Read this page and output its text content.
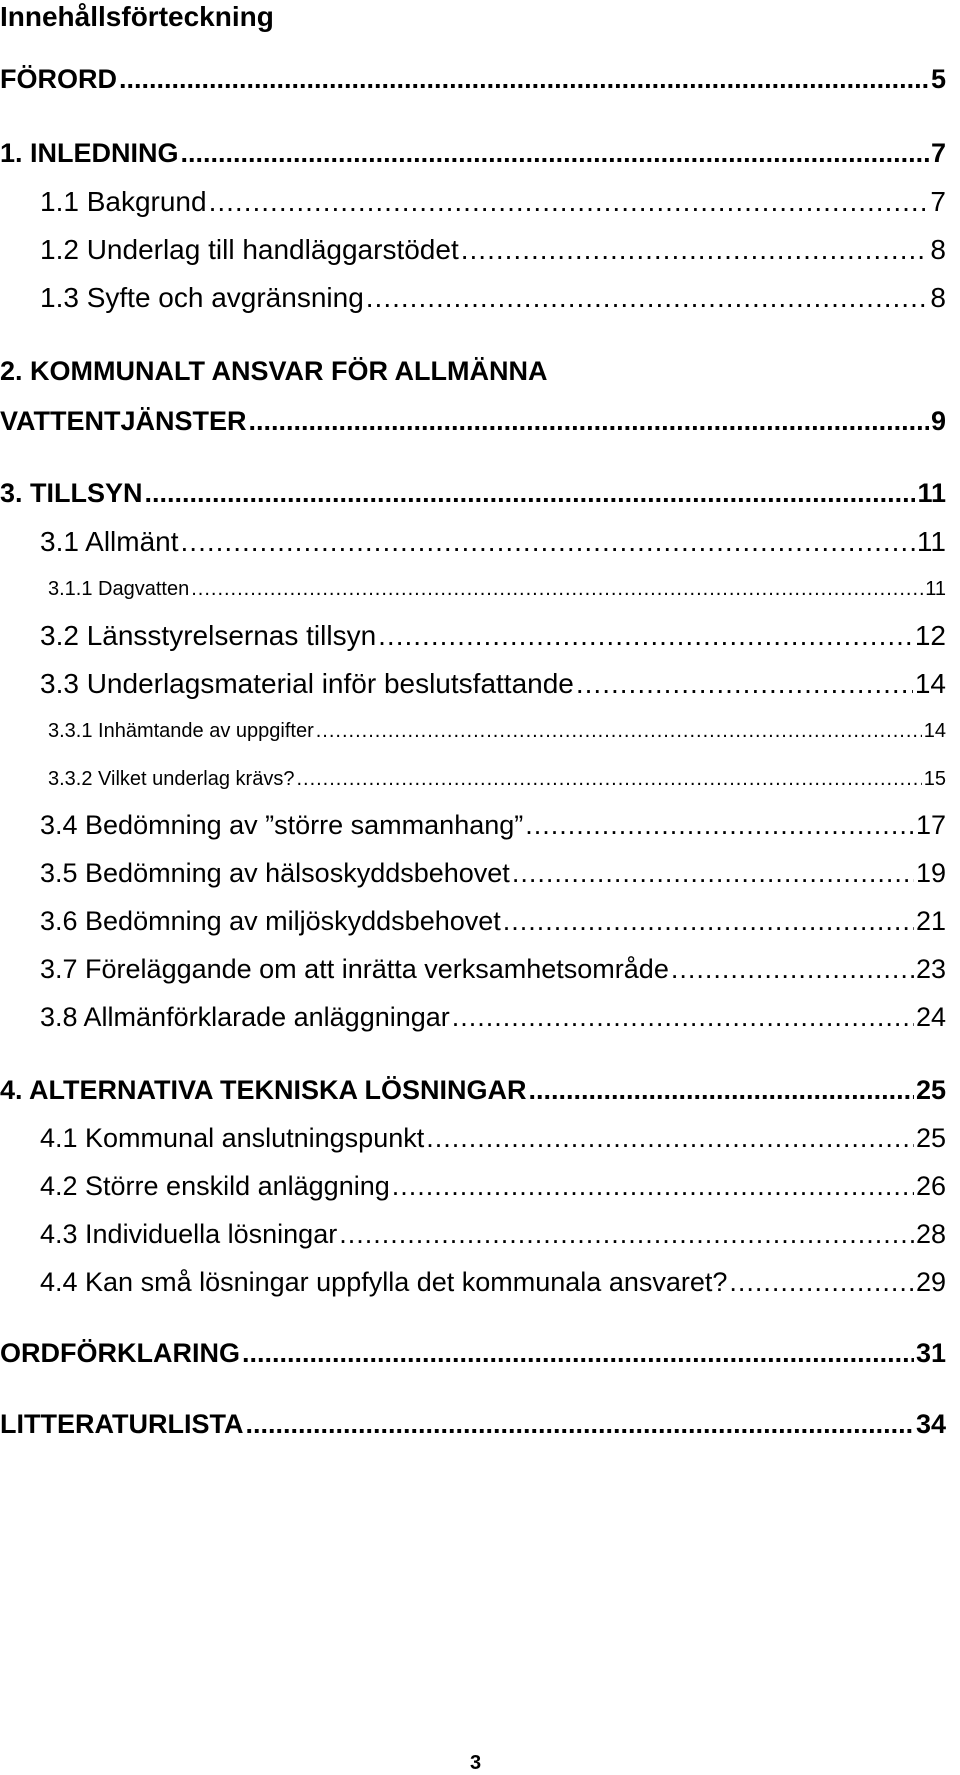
Innehållsförteckning
FÖRORD .....	5
1. INLEDNING .....	7
1.1 Bakgrund .....	7
1.2 Underlag till handläggarstödet .....	8
1.3 Syfte och avgränsning .....	8
2. KOMMUNALT ANSVAR FÖR ALLMÄNNA
VATTENTJÄNSTER .....	9
3. TILLSYN .....	11
3.1 Allmänt .....	11
3.1.1 Dagvatten .....	11
3.2 Länsstyrelsernas tillsyn .....	12
3.3 Underlagsmaterial inför beslutsfattande .....	14
3.3.1 Inhämtande av uppgifter .....	14
3.3.2 Vilket underlag krävs? .....	15
3.4 Bedömning av ”större sammanhang” .....	17
3.5 Bedömning av hälsoskyddsbehovet .....	19
3.6 Bedömning av miljöskyddsbehovet .....	21
3.7 Föreläggande om att inrätta verksamhetsområde .....	23
3.8 Allmänförklarade anläggningar .....	24
4. ALTERNATIVA TEKNISKA LÖSNINGAR .....	25
4.1 Kommunal anslutningspunkt .....	25
4.2 Större enskild anläggning .....	26
4.3 Individuella lösningar .....	28
4.4 Kan små lösningar uppfylla det kommunala ansvaret? .....	29
ORDFÖRKLARING .....	31
LITTERATURLISTA .....	34
3
